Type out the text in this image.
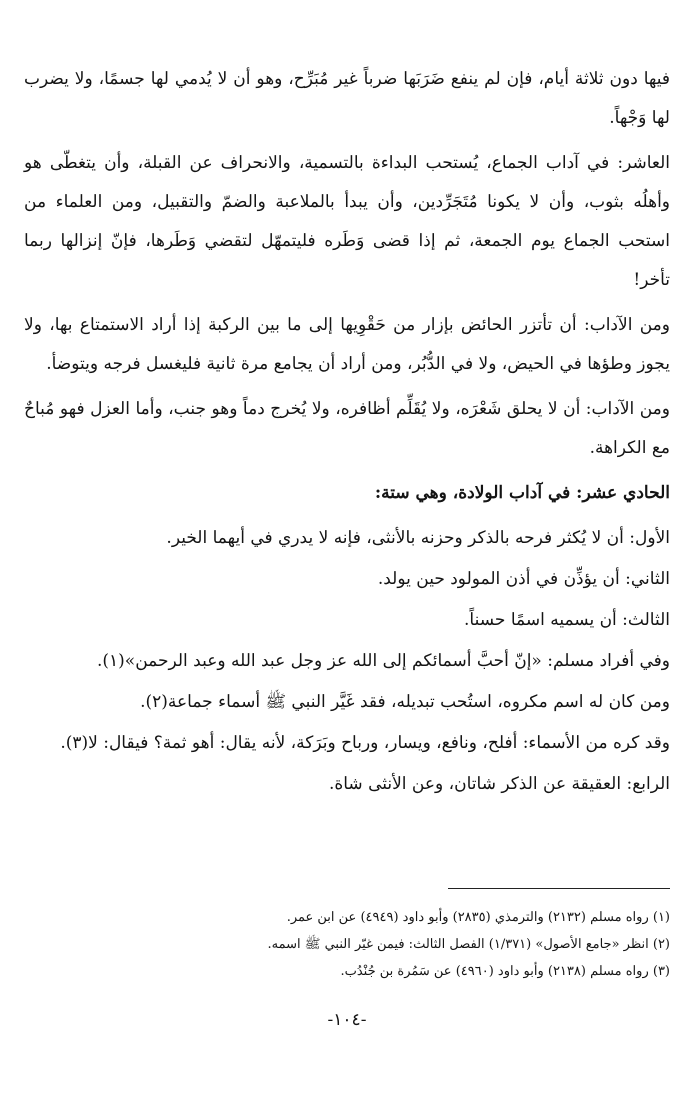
فيها دون ثلاثة أيام، فإن لم ينفع ضَرَبَها ضرباً غير مُبَرِّح، وهو أن لا يُدمي لها جسمًا، ولا يضرب لها وَجْهاً.

العاشر: في آداب الجماع، يُستحب البداءة بالتسمية، والانحراف عن القبلة، وأن يتغطّى هو وأهلُه بثوب، وأن لا يكونا مُتَجَرِّدين، وأن يبدأ بالملاعبة والضمّ والتقبيل، ومن العلماء من استحب الجماع يوم الجمعة، ثم إذا قضى وَطَره فليتمهّل لتقضي وَطَرها، فإنّ إنزالها ربما تأخر!

ومن الآداب: أن تأتزر الحائض بإزار من حَقْوِيها إلى ما بين الركبة إذا أراد الاستمتاع بها، ولا يجوز وطؤها في الحيض، ولا في الدُّبُر، ومن أراد أن يجامع مرة ثانية فليغسل فرجه ويتوضأ.

ومن الآداب: أن لا يحلق شَعْرَه، ولا يُقَلِّم أظافره، ولا يُخرج دماً وهو جنب، وأما العزل فهو مُباحٌ مع الكراهة.

الحادي عشر: في آداب الولادة، وهي ستة:

الأول: أن لا يُكثر فرحه بالذكر وحزنه بالأنثى، فإنه لا يدري في أيهما الخير.

الثاني: أن يؤذِّن في أذن المولود حين يولد.

الثالث: أن يسميه اسمًا حسناً.

وفي أفراد مسلم: «إنّ أحبَّ أسمائكم إلى الله عز وجل عبد الله وعبد الرحمن»(١).

ومن كان له اسم مكروه، استُحب تبديله، فقد غَيَّر النبي ﷺ أسماء جماعة(٢).

وقد كره من الأسماء: أفلح، ونافع، ويسار، ورباح وبَرَكة، لأنه يقال: أهو ثمة؟ فيقال: لا(٣).

الرابع: العقيقة عن الذكر شاتان، وعن الأنثى شاة.

(١) رواه مسلم (٢١٣٢) والترمذي (٢٨٣٥) وأبو داود (٤٩٤٩) عن ابن عمر.

(٢) انظر «جامع الأصول» (١/٣٧١) الفصل الثالث: فيمن غيّر النبي ﷺ اسمه.

(٣) رواه مسلم (٢١٣٨) وأبو داود (٤٩٦٠) عن سَمُرة بن جُنْدُب.

-١٠٤-
